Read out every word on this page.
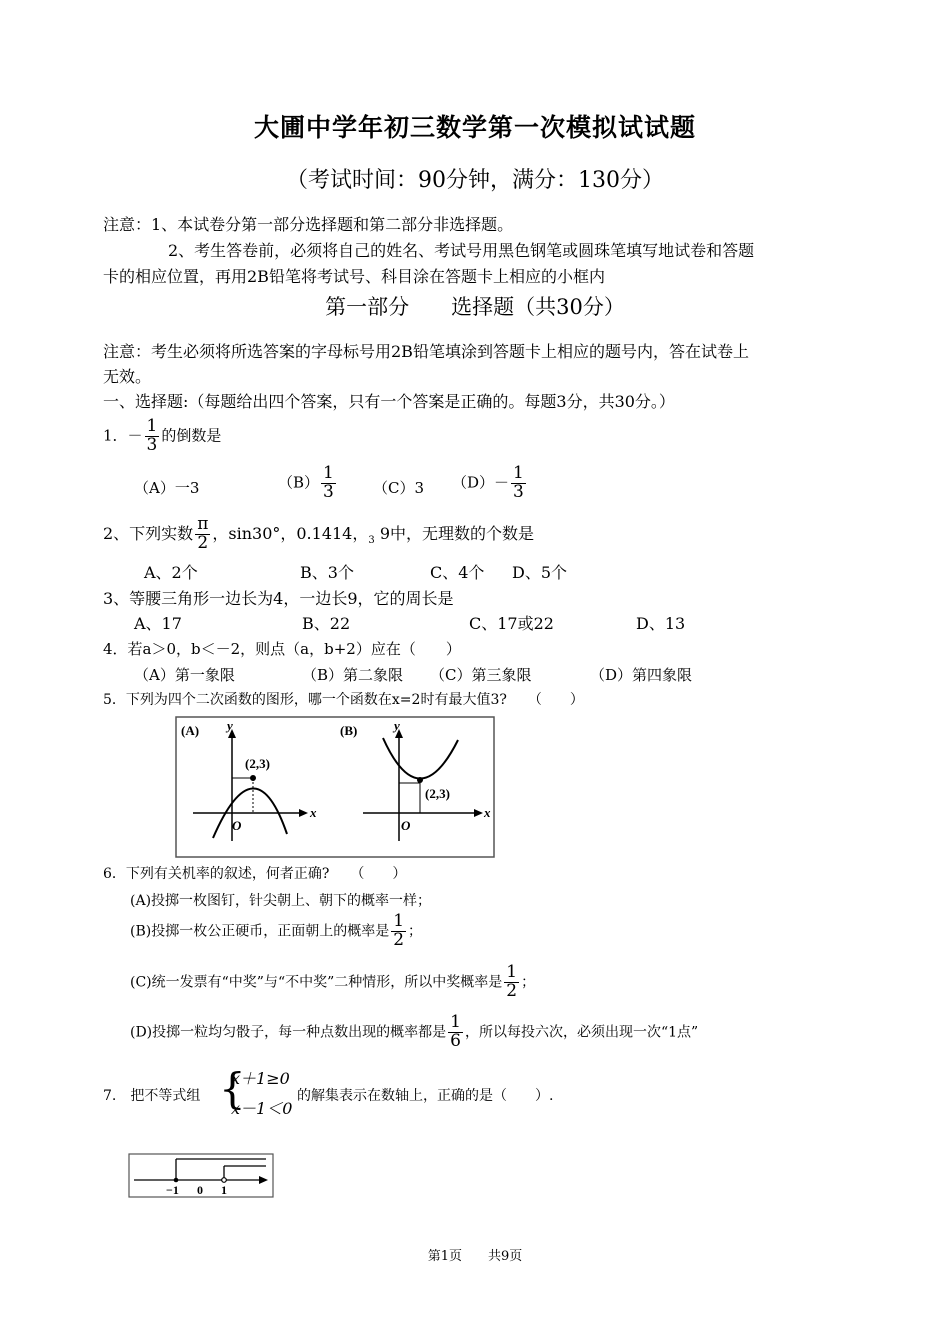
大圃中学年初三数学第一次模拟试试题
（考试时间：90分钟，满分：130分）
注意：1、本试卷分第一部分选择题和第二部分非选择题。
2、考生答卷前，必须将自己的姓名、考试号用黑色钢笔或圆珠笔填写地试卷和答题
卡的相应位置，再用2B铅笔将考试号、科目涂在答题卡上相应的小框内
第一部分　　选择题（共30分）
注意：考生必须将所选答案的字母标号用2B铅笔填涂到答题卡上相应的题号内，答在试卷上
无效。
一、选择题:（每题给出四个答案，只有一个答案是正确的。每题3分，共30分。）
1．－ $\frac{1}{3}$ 的倒数是
（A）一3	$(B) \frac{1}{3} (C)3$ $(D)- \frac{1}{3}$
2、下列实数 $\frac{\pi}{2}$ ，sin30°，0.1414，$_3$ 9中，无理数的个数是
A、2个	B、3个	C、4个 D、5个
3、等腰三角形一边长为4，一边长9，它的周长是
A、17	B、22	C、17或22	D、13
4．若a＞0，b＜－2，则点（a，b+2）应在（　　）
（A）第一象限	（B）第二象限 （C）第三象限	（D）第四象限
5．下列为四个二次函数的图形，哪一个函数在x=2时有最大值3?　　（　　）
(A) y
x
O
(2,3)
(B)	y
x
O
(2,3)
6．下列有关机率的叙述，何者正确?　　（　　）
(A)投掷一枚图钉，针尖朝上、朝下的概率一样；
(B)投掷一枚公正硬币，正面朝上的概率是 $\frac{1}{2}$ ；
(C)统一发票有“中奖”与“不中奖”二种情形，所以中奖概率是 $\frac{1}{2}$ ；
(D)投掷一粒均匀骰子，每一种点数出现的概率都是 $\frac{1}{6}$ ，所以每投六次，必须出现一次“1点”
7.　把不等式组 {
x＋1≥0
x－1＜0
的解集表示在数轴上，正确的是（　　）.
−1 0 1
第1页　　共9页
